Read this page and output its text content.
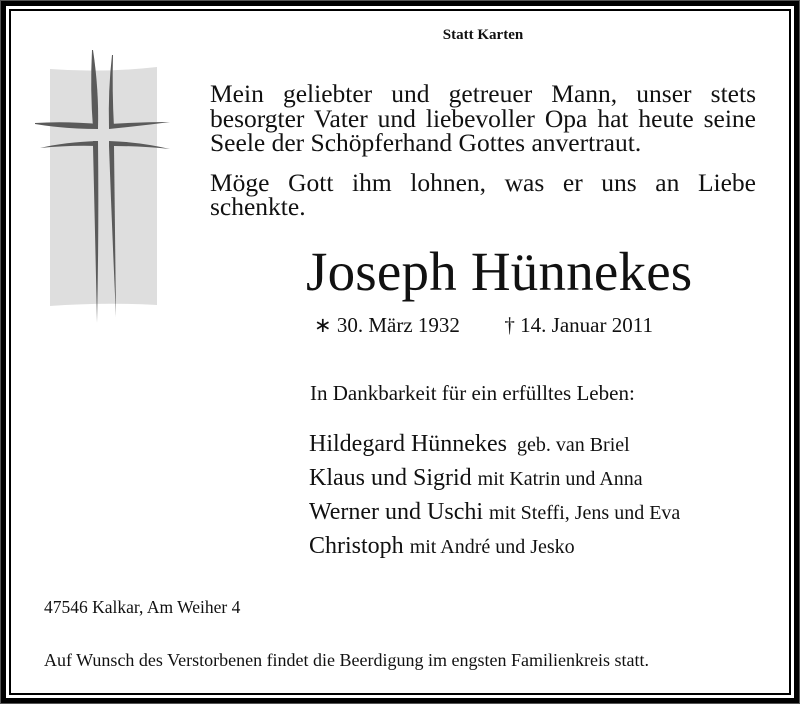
Statt Karten

Mein geliebter und getreuer Mann, unser stets besorgter Vater und liebevoller Opa hat heute seine Seele der Schöpferhand Gottes anvertraut.

Möge Gott ihm lohnen, was er uns an Liebe schenkte.

Joseph Hünnekes
∗ 30. März 1932 † 14. Januar 2011
In Dankbarkeit für ein erfülltes Leben:
Hildegard Hünnekes geb. van Briel
Klaus und Sigrid mit Katrin und Anna
Werner und Uschi mit Steffi, Jens und Eva
Christoph mit André und Jesko
47546 Kalkar, Am Weiher 4
Auf Wunsch des Verstorbenen findet die Beerdigung im engsten Familienkreis statt.
